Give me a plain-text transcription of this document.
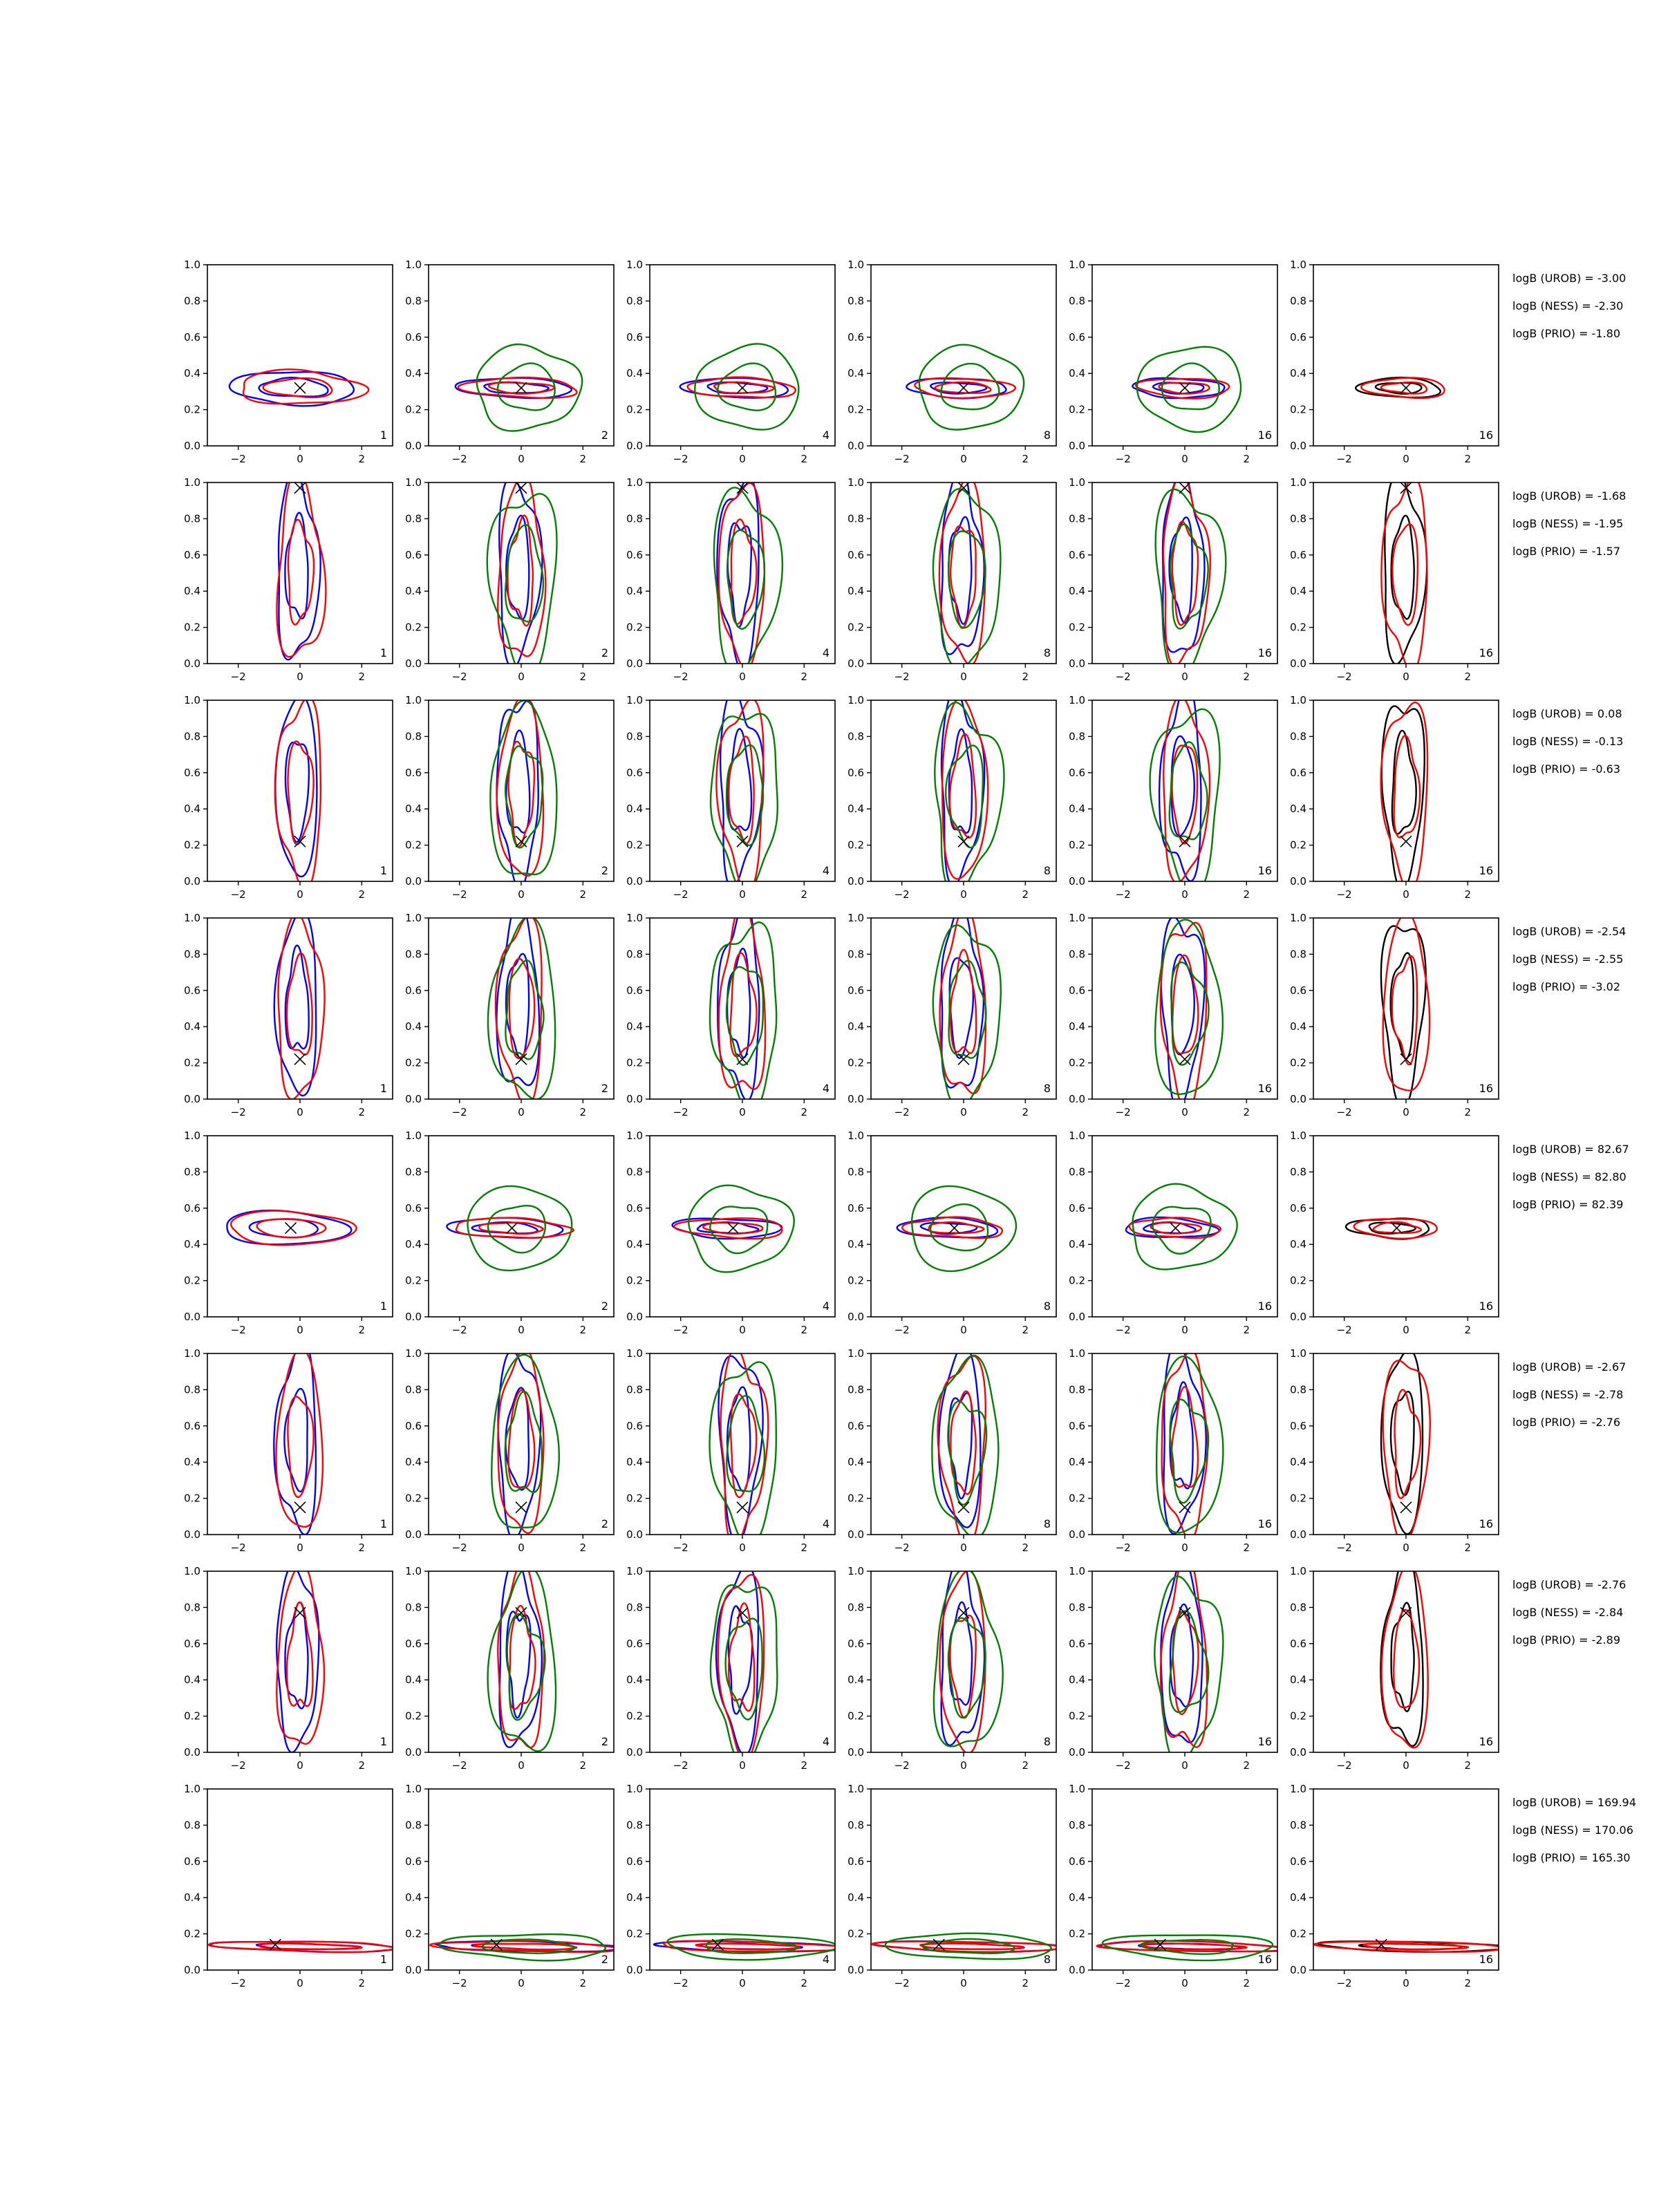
−2	0	2
0.0
0.2
0.4
0.6
0.8
1.0
1
−2	0	2
0.0
0.2
0.4
0.6
0.8
1.0
2
−2	0	2
0.0
0.2
0.4
0.6
0.8
1.0
4
−2	0	2
0.0
0.2
0.4
0.6
0.8
1.0
8
−2	0	2
0.0
0.2
0.4
0.6
0.8
1.0
16
−2	0	2
0.0
0.2
0.4
0.6
0.8
1.0
16
logB (UROB) = -3.00
logB (NESS) = -2.30
logB (PRIO) = -1.80
−2	0	2
0.0
0.2
0.4
0.6
0.8
1.0
1
−2	0	2
0.0
0.2
0.4
0.6
0.8
1.0
2
−2	0	2
0.0
0.2
0.4
0.6
0.8
1.0
4
−2	0	2
0.0
0.2
0.4
0.6
0.8
1.0
8
−2	0	2
0.0
0.2
0.4
0.6
0.8
1.0
16
−2	0	2
0.0
0.2
0.4
0.6
0.8
1.0
16
logB (UROB) = -1.68
logB (NESS) = -1.95
logB (PRIO) = -1.57
−2	0	2
0.0
0.2
0.4
0.6
0.8
1.0
1
−2	0	2
0.0
0.2
0.4
0.6
0.8
1.0
2
−2	0	2
0.0
0.2
0.4
0.6
0.8
1.0
4
−2	0	2
0.0
0.2
0.4
0.6
0.8
1.0
8
−2	0	2
0.0
0.2
0.4
0.6
0.8
1.0
16
−2	0	2
0.0
0.2
0.4
0.6
0.8
1.0
16
logB (UROB) = 0.08
logB (NESS) = -0.13
logB (PRIO) = -0.63
−2	0	2
0.0
0.2
0.4
0.6
0.8
1.0
1
−2	0	2
0.0
0.2
0.4
0.6
0.8
1.0
2
−2	0	2
0.0
0.2
0.4
0.6
0.8
1.0
4
−2	0	2
0.0
0.2
0.4
0.6
0.8
1.0
8
−2	0	2
0.0
0.2
0.4
0.6
0.8
1.0
16
−2	0	2
0.0
0.2
0.4
0.6
0.8
1.0
16
logB (UROB) = -2.54
logB (NESS) = -2.55
logB (PRIO) = -3.02
−2	0	2
0.0
0.2
0.4
0.6
0.8
1.0
1
−2	0	2
0.0
0.2
0.4
0.6
0.8
1.0
2
−2	0	2
0.0
0.2
0.4
0.6
0.8
1.0
4
−2	0	2
0.0
0.2
0.4
0.6
0.8
1.0
8
−2	0	2
0.0
0.2
0.4
0.6
0.8
1.0
16
−2	0	2
0.0
0.2
0.4
0.6
0.8
1.0
16
logB (UROB) = 82.67
logB (NESS) = 82.80
logB (PRIO) = 82.39
−2	0	2
0.0
0.2
0.4
0.6
0.8
1.0
1
−2	0	2
0.0
0.2
0.4
0.6
0.8
1.0
2
−2	0	2
0.0
0.2
0.4
0.6
0.8
1.0
4
−2	0	2
0.0
0.2
0.4
0.6
0.8
1.0
8
−2	0	2
0.0
0.2
0.4
0.6
0.8
1.0
16
−2	0	2
0.0
0.2
0.4
0.6
0.8
1.0
16
logB (UROB) = -2.67
logB (NESS) = -2.78
logB (PRIO) = -2.76
−2	0	2
0.0
0.2
0.4
0.6
0.8
1.0
1
−2	0	2
0.0
0.2
0.4
0.6
0.8
1.0
2
−2	0	2
0.0
0.2
0.4
0.6
0.8
1.0
4
−2	0	2
0.0
0.2
0.4
0.6
0.8
1.0
8
−2	0	2
0.0
0.2
0.4
0.6
0.8
1.0
16
−2	0	2
0.0
0.2
0.4
0.6
0.8
1.0
16
logB (UROB) = -2.76
logB (NESS) = -2.84
logB (PRIO) = -2.89
−2	0	2
0.0
0.2
0.4
0.6
0.8
1.0
1
−2	0	2
0.0
0.2
0.4
0.6
0.8
1.0
2
−2	0	2
0.0
0.2
0.4
0.6
0.8
1.0
4
−2	0	2
0.0
0.2
0.4
0.6
0.8
1.0
8
−2	0	2
0.0
0.2
0.4
0.6
0.8
1.0
16
−2	0	2
0.0
0.2
0.4
0.6
0.8
1.0
16
logB (UROB) = 169.94
logB (NESS) = 170.06
logB (PRIO) = 165.30
